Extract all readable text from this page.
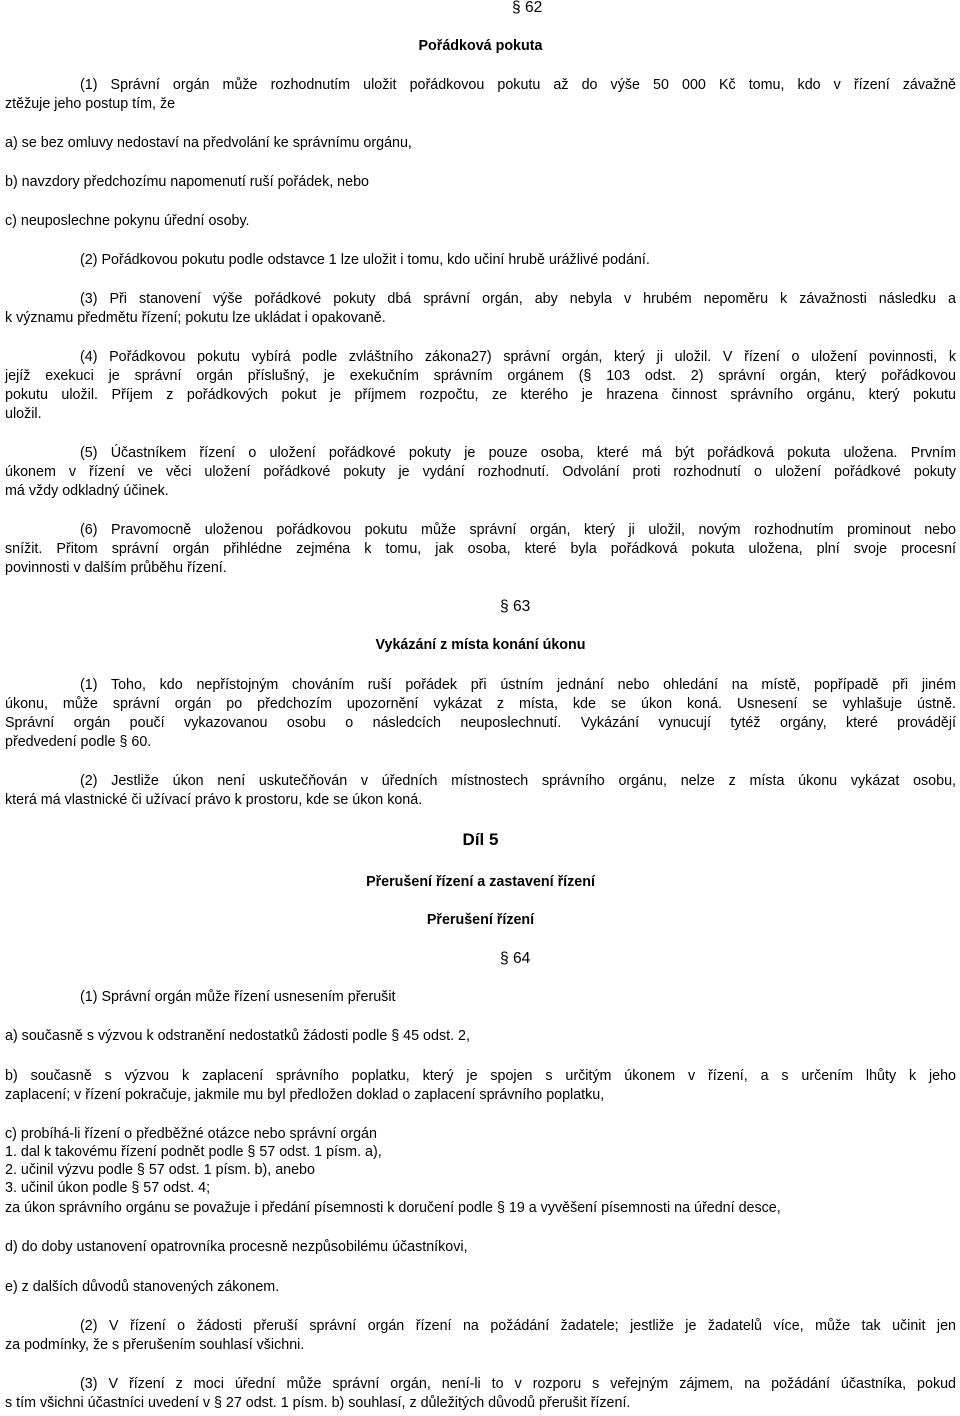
§ 62
Pořádková pokuta
(1) Správní orgán může rozhodnutím uložit pořádkovou pokutu až do výše 50 000 Kč tomu, kdo v řízení závažně
ztěžuje jeho postup tím, že
a) se bez omluvy nedostaví na předvolání ke správnímu orgánu,
b) navzdory předchozímu napomenutí ruší pořádek, nebo
c) neuposlechne pokynu úřední osoby.
(2) Pořádkovou pokutu podle odstavce 1 lze uložit i tomu, kdo učiní hrubě urážlivé podání.
(3) Při stanovení výše pořádkové pokuty dbá správní orgán, aby nebyla v hrubém nepoměru k závažnosti následku a
k významu předmětu řízení; pokutu lze ukládat i opakovaně.
(4) Pořádkovou pokutu vybírá podle zvláštního zákona27) správní orgán, který ji uložil. V řízení o uložení povinnosti, k
jejíž exekuci je správní orgán příslušný, je exekučním správním orgánem (§ 103 odst. 2) správní orgán, který pořádkovou
pokutu uložil. Příjem z pořádkových pokut je příjmem rozpočtu, ze kterého je hrazena činnost správního orgánu, který pokutu
uložil.
(5) Účastníkem řízení o uložení pořádkové pokuty je pouze osoba, které má být pořádková pokuta uložena. Prvním
úkonem v řízení ve věci uložení pořádkové pokuty je vydání rozhodnutí. Odvolání proti rozhodnutí o uložení pořádkové pokuty
má vždy odkladný účinek.
(6) Pravomocně uloženou pořádkovou pokutu může správní orgán, který ji uložil, novým rozhodnutím prominout nebo
snížit. Přitom správní orgán přihlédne zejména k tomu, jak osoba, které byla pořádková pokuta uložena, plní svoje procesní
povinnosti v dalším průběhu řízení.
§ 63
Vykázání z místa konání úkonu
(1) Toho, kdo nepřístojným chováním ruší pořádek při ústním jednání nebo ohledání na místě, popřípadě při jiném
úkonu, může správní orgán po předchozím upozornění vykázat z místa, kde se úkon koná. Usnesení se vyhlašuje ústně.
Správní orgán poučí vykazovanou osobu o následcích neuposlechnutí. Vykázání vynucují tytéž orgány, které provádějí
předvedení podle § 60.
(2) Jestliže úkon není uskutečňován v úředních místnostech správního orgánu, nelze z místa úkonu vykázat osobu,
která má vlastnické či užívací právo k prostoru, kde se úkon koná.
Díl 5
Přerušení řízení a zastavení řízení
Přerušení řízení
§ 64
(1) Správní orgán může řízení usnesením přerušit
a) současně s výzvou k odstranění nedostatků žádosti podle § 45 odst. 2,
b) současně s výzvou k zaplacení správního poplatku, který je spojen s určitým úkonem v řízení, a s určením lhůty k jeho
zaplacení; v řízení pokračuje, jakmile mu byl předložen doklad o zaplacení správního poplatku,
c) probíhá-li řízení o předběžné otázce nebo správní orgán
1. dal k takovému řízení podnět podle § 57 odst. 1 písm. a),
2. učinil výzvu podle § 57 odst. 1 písm. b), anebo
3. učinil úkon podle § 57 odst. 4;
za úkon správního orgánu se považuje i předání písemnosti k doručení podle § 19 a vyvěšení písemnosti na úřední desce,
d) do doby ustanovení opatrovníka procesně nezpůsobilému účastníkovi,
e) z dalších důvodů stanovených zákonem.
(2) V řízení o žádosti přeruší správní orgán řízení na požádání žadatele; jestliže je žadatelů více, může tak učinit jen
za podmínky, že s přerušením souhlasí všichni.
(3) V řízení z moci úřední může správní orgán, není-li to v rozporu s veřejným zájmem, na požádání účastníka, pokud
s tím všichni účastníci uvedení v § 27 odst. 1 písm. b) souhlasí, z důležitých důvodů přerušit řízení.
